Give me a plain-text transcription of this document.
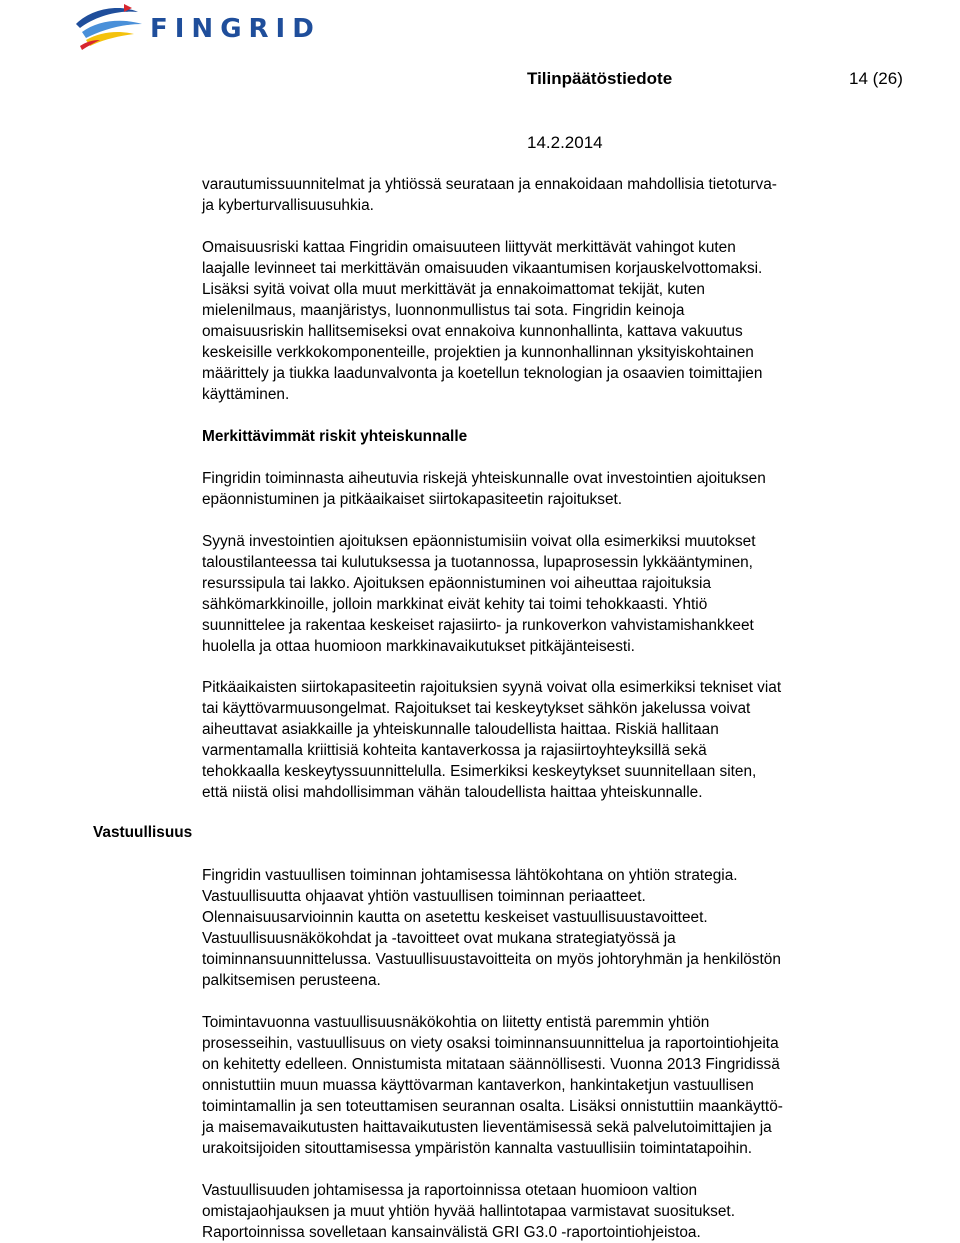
FINGRID
Tilinpäätöstiedote	14 (26)
14.2.2014
varautumissuunnitelmat ja yhtiössä seurataan ja ennakoidaan mahdollisia tietoturva-
ja kyberturvallisuusuhkia.
Omaisuusriski kattaa Fingridin omaisuuteen liittyvät merkittävät vahingot kuten
laajalle levinneet tai merkittävän omaisuuden vikaantumisen korjauskelvottomaksi.
Lisäksi syitä voivat olla muut merkittävät ja ennakoimattomat tekijät, kuten
mielenilmaus, maanjäristys, luonnonmullistus tai sota. Fingridin keinoja
omaisuusriskin hallitsemiseksi ovat ennakoiva kunnonhallinta, kattava vakuutus
keskeisille verkkokomponenteille, projektien ja kunnonhallinnan yksityiskohtainen
määrittely ja tiukka laadunvalvonta ja koetellun teknologian ja osaavien toimittajien
käyttäminen.
Merkittävimmät riskit yhteiskunnalle
Fingridin toiminnasta aiheutuvia riskejä yhteiskunnalle ovat investointien ajoituksen
epäonnistuminen ja pitkäaikaiset siirtokapasiteetin rajoitukset.
Syynä investointien ajoituksen epäonnistumisiin voivat olla esimerkiksi muutokset
taloustilanteessa tai kulutuksessa ja tuotannossa, lupaprosessin lykkääntyminen,
resurssipula tai lakko. Ajoituksen epäonnistuminen voi aiheuttaa rajoituksia
sähkömarkkinoille, jolloin markkinat eivät kehity tai toimi tehokkaasti. Yhtiö
suunnittelee ja rakentaa keskeiset rajasiirto- ja runkoverkon vahvistamishankkeet
huolella ja ottaa huomioon markkinavaikutukset pitkäjänteisesti.
Pitkäaikaisten siirtokapasiteetin rajoituksien syynä voivat olla esimerkiksi tekniset viat
tai käyttövarmuusongelmat. Rajoitukset tai keskeytykset sähkön jakelussa voivat
aiheuttavat asiakkaille ja yhteiskunnalle taloudellista haittaa. Riskiä hallitaan
varmentamalla kriittisiä kohteita kantaverkossa ja rajasiirtoyhteyksillä sekä
tehokkaalla keskeytyssuunnittelulla. Esimerkiksi keskeytykset suunnitellaan siten,
että niistä olisi mahdollisimman vähän taloudellista haittaa yhteiskunnalle.
Vastuullisuus
Fingridin vastuullisen toiminnan johtamisessa lähtökohtana on yhtiön strategia.
Vastuullisuutta ohjaavat yhtiön vastuullisen toiminnan periaatteet.
Olennaisuusarvioinnin kautta on asetettu keskeiset vastuullisuustavoitteet.
Vastuullisuusnäkökohdat ja -tavoitteet ovat mukana strategiatyössä ja
toiminnansuunnittelussa. Vastuullisuustavoitteita on myös johtoryhmän ja henkilöstön
palkitsemisen perusteena.
Toimintavuonna vastuullisuusnäkökohtia on liitetty entistä paremmin yhtiön
prosesseihin, vastuullisuus on viety osaksi toiminnansuunnittelua ja raportointiohjeita
on kehitetty edelleen. Onnistumista mitataan säännöllisesti. Vuonna 2013 Fingridissä
onnistuttiin muun muassa käyttövarman kantaverkon, hankintaketjun vastuullisen
toimintamallin ja sen toteuttamisen seurannan osalta. Lisäksi onnistuttiin maankäyttö-
ja maisemavaikutusten haittavaikutusten lieventämisessä sekä palvelutoimittajien ja
urakoitsijoiden sitouttamisessa ympäristön kannalta vastuullisiin toimintatapoihin.
Vastuullisuuden johtamisessa ja raportoinnissa otetaan huomioon valtion
omistajaohjauksen ja muut yhtiön hyvää hallintotapaa varmistavat suositukset.
Raportoinnissa sovelletaan kansainvälistä GRI G3.0 -raportointiohjeistoa.
